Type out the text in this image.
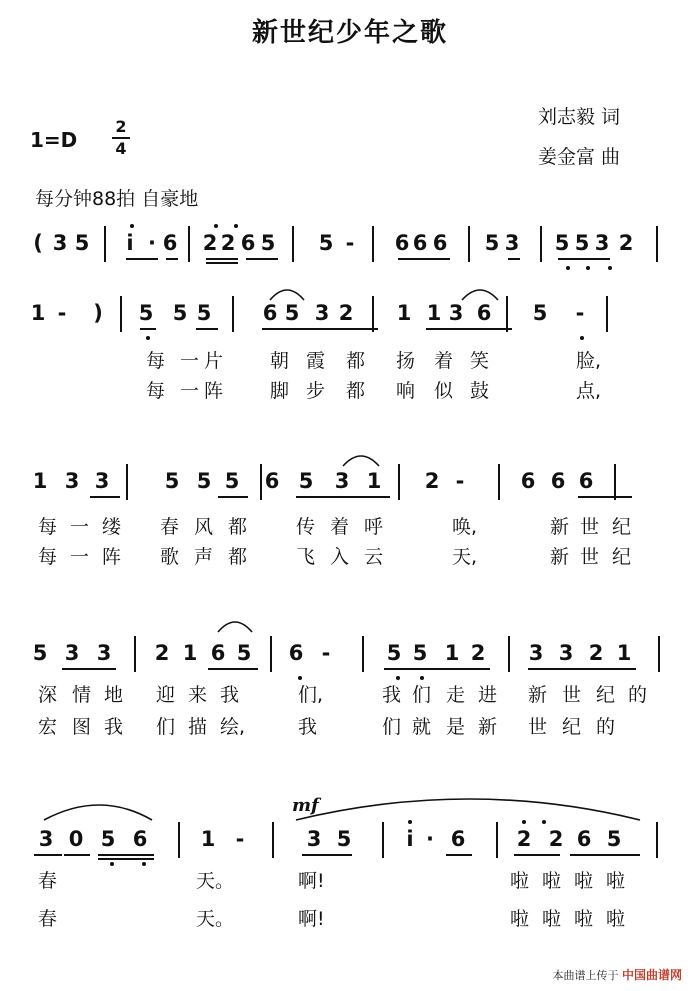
新世纪少年之歌
1=D
2
4
刘志毅 词
姜金富 曲
每分钟88拍 自豪地
( 3 5	i · 6 2 2 6 5 5 - 6 6 6 5 3 5 5 3 2
1 - ) 5 5 5 6 5 3 2 1 1 3 6 5 -
每 一 片 朝 霞 都 扬 着 笑	脸,
每 一 阵 脚 步 都 响 似 鼓	点,
1 3 3	5 5 5 6 5 3 1 2 -	6 6 6
每 一 缕 春 风 都	传 着 呼	唤,	新 世 纪
每 一 阵 歌 声 都	飞 入 云	天,	新 世 纪
5 3 3 2 1 6 5 6 -	5 5 1 2 3 3 2 1
深 情 地 迎 来 我	们,	我 们 走 进 新 世 纪 的
宏 图 我 们 描 绘,	我	们 就 是 新 世 纪 的
3 0 5 6	1 -	3 5	i · 6 2 2 6 5
春	天。	啊!	啦 啦 啦 啦
春	天。	啊!	啦 啦 啦 啦
mf
本曲谱上传于 中国曲谱网
